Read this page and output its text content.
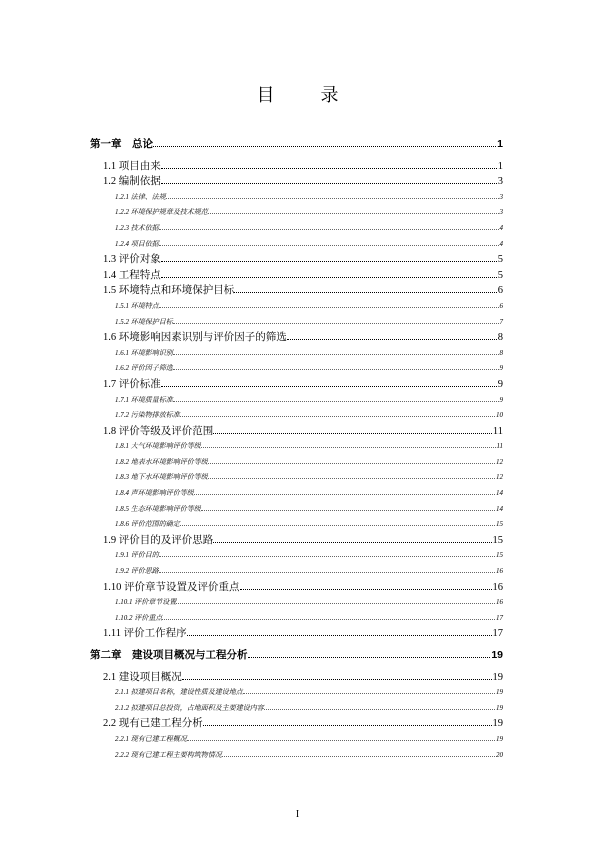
目　录
第一章　总论	1
1.1 项目由来	1
1.2 编制依据	3
1.2.1 法律、法规	3
1.2.2 环境保护规章及技术规范	3
1.2.3 技术依据	4
1.2.4 项目依据	4
1.3 评价对象	5
1.4 工程特点	5
1.5 环境特点和环境保护目标	6
1.5.1 环境特点	6
1.5.2 环境保护目标	7
1.6 环境影响因素识别与评价因子的筛选	8
1.6.1 环境影响识别	8
1.6.2 评价因子筛选	9
1.7 评价标准	9
1.7.1 环境质量标准	9
1.7.2 污染物排放标准	10
1.8 评价等级及评价范围	11
1.8.1 大气环境影响评价等级	11
1.8.2 地表水环境影响评价等级	12
1.8.3 地下水环境影响评价等级	12
1.8.4 声环境影响评价等级	14
1.8.5 生态环境影响评价等级	14
1.8.6 评价范围的确定	15
1.9 评价目的及评价思路	15
1.9.1 评价目的	15
1.9.2 评价思路	16
1.10 评价章节设置及评价重点	16
1.10.1 评价章节设置	16
1.10.2 评价重点	17
1.11 评价工作程序	17
第二章　建设项目概况与工程分析	19
2.1 建设项目概况	19
2.1.1 拟建项目名称，建设性质及建设地点	19
2.1.2 拟建项目总投资，占地面积及主要建设内容	19
2.2 现有已建工程分析	19
2.2.1 现有已建工程概况	19
2.2.2 现有已建工程主要构筑物情况	20
I
